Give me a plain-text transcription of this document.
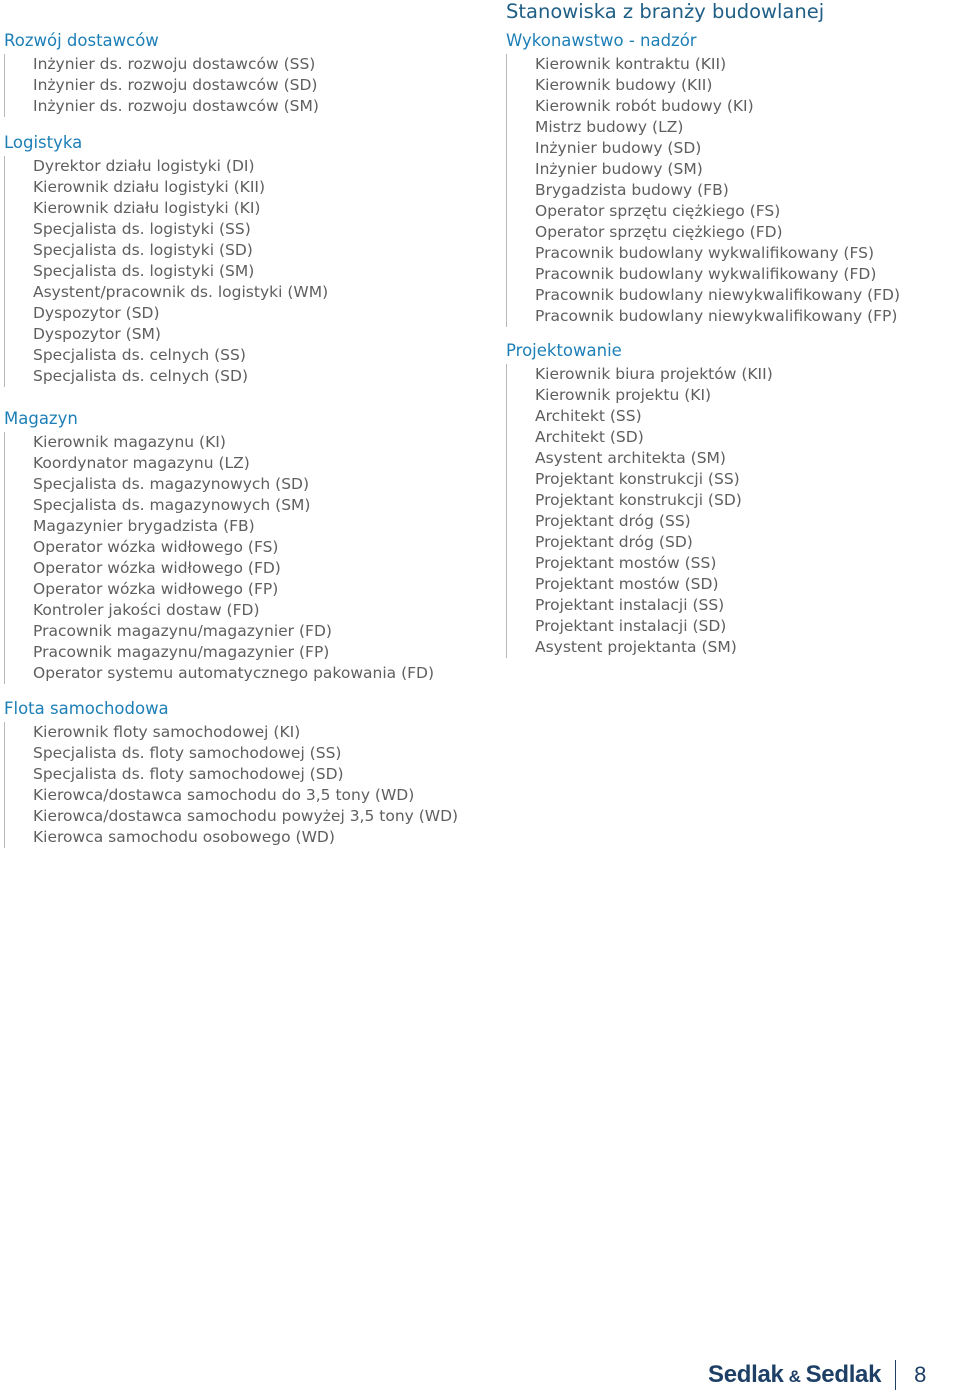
Stanowiska z branży budowlanej
Rozwój dostawców
Inżynier ds. rozwoju dostawców (SS)
Inżynier ds. rozwoju dostawców (SD)
Inżynier ds. rozwoju dostawców (SM)
Logistyka
Dyrektor działu logistyki (DI)
Kierownik działu logistyki (KII)
Kierownik działu logistyki (KI)
Specjalista ds. logistyki (SS)
Specjalista ds. logistyki (SD)
Specjalista ds. logistyki (SM)
Asystent/pracownik ds. logistyki (WM)
Dyspozytor (SD)
Dyspozytor (SM)
Specjalista ds. celnych (SS)
Specjalista ds. celnych (SD)
Magazyn
Kierownik magazynu (KI)
Koordynator magazynu (LZ)
Specjalista ds. magazynowych (SD)
Specjalista ds. magazynowych (SM)
Magazynier brygadzista (FB)
Operator wózka widłowego (FS)
Operator wózka widłowego (FD)
Operator wózka widłowego (FP)
Kontroler jakości dostaw (FD)
Pracownik magazynu/magazynier (FD)
Pracownik magazynu/magazynier (FP)
Operator systemu automatycznego pakowania (FD)
Flota samochodowa
Kierownik floty samochodowej (KI)
Specjalista ds. floty samochodowej (SS)
Specjalista ds. floty samochodowej (SD)
Kierowca/dostawca samochodu do 3,5 tony (WD)
Kierowca/dostawca samochodu powyżej 3,5 tony (WD)
Kierowca samochodu osobowego (WD)
Wykonawstwo - nadzór
Kierownik kontraktu (KII)
Kierownik budowy (KII)
Kierownik robót budowy (KI)
Mistrz budowy (LZ)
Inżynier budowy (SD)
Inżynier budowy (SM)
Brygadzista budowy (FB)
Operator sprzętu ciężkiego (FS)
Operator sprzętu ciężkiego (FD)
Pracownik budowlany wykwalifikowany (FS)
Pracownik budowlany wykwalifikowany (FD)
Pracownik budowlany niewykwalifikowany (FD)
Pracownik budowlany niewykwalifikowany (FP)
Projektowanie
Kierownik biura projektów (KII)
Kierownik projektu (KI)
Architekt (SS)
Architekt (SD)
Asystent architekta (SM)
Projektant konstrukcji (SS)
Projektant konstrukcji (SD)
Projektant dróg (SS)
Projektant dróg (SD)
Projektant mostów (SS)
Projektant mostów (SD)
Projektant instalacji (SS)
Projektant instalacji (SD)
Asystent projektanta (SM)
Sedlak & Sedlak 8
